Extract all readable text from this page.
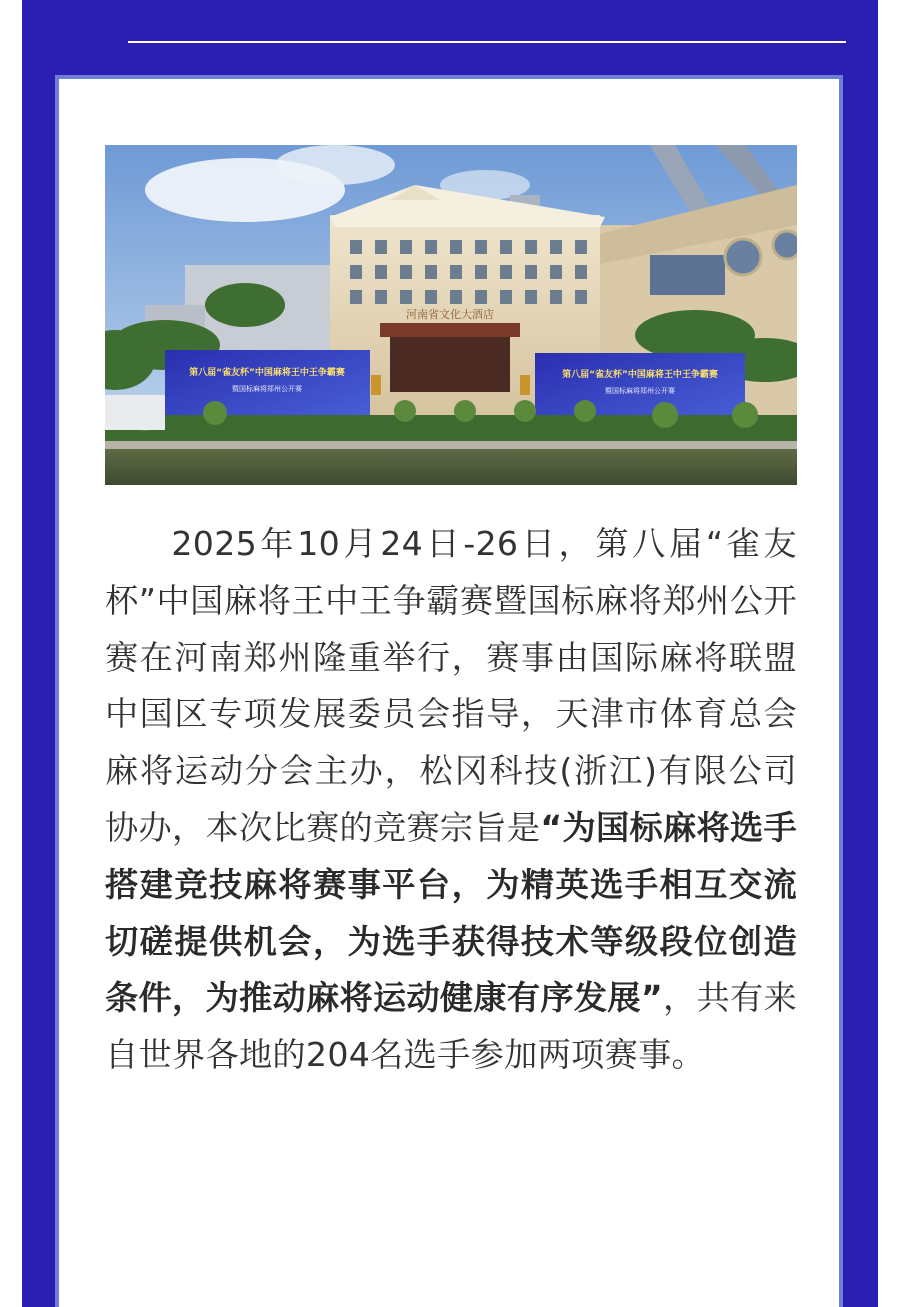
河南省文化大酒店
第八届“雀友杯”中国麻将王中王争霸赛
暨国标麻将郑州公开赛
第八届“雀友杯”中国麻将王中王争霸赛
暨国标麻将郑州公开赛

2025年10月24日-26日，第八届“雀友杯”中国麻将王中王争霸赛暨国标麻将郑州公开赛在河南郑州隆重举行，赛事由国际麻将联盟中国区专项发展委员会指导，天津市体育总会麻将运动分会主办，松冈科技(浙江)有限公司协办，本次比赛的竞赛宗旨是“为国标麻将选手搭建竞技麻将赛事平台，为精英选手相互交流切磋提供机会，为选手获得技术等级段位创造条件，为推动麻将运动健康有序发展”，共有来自世界各地的204名选手参加两项赛事。
